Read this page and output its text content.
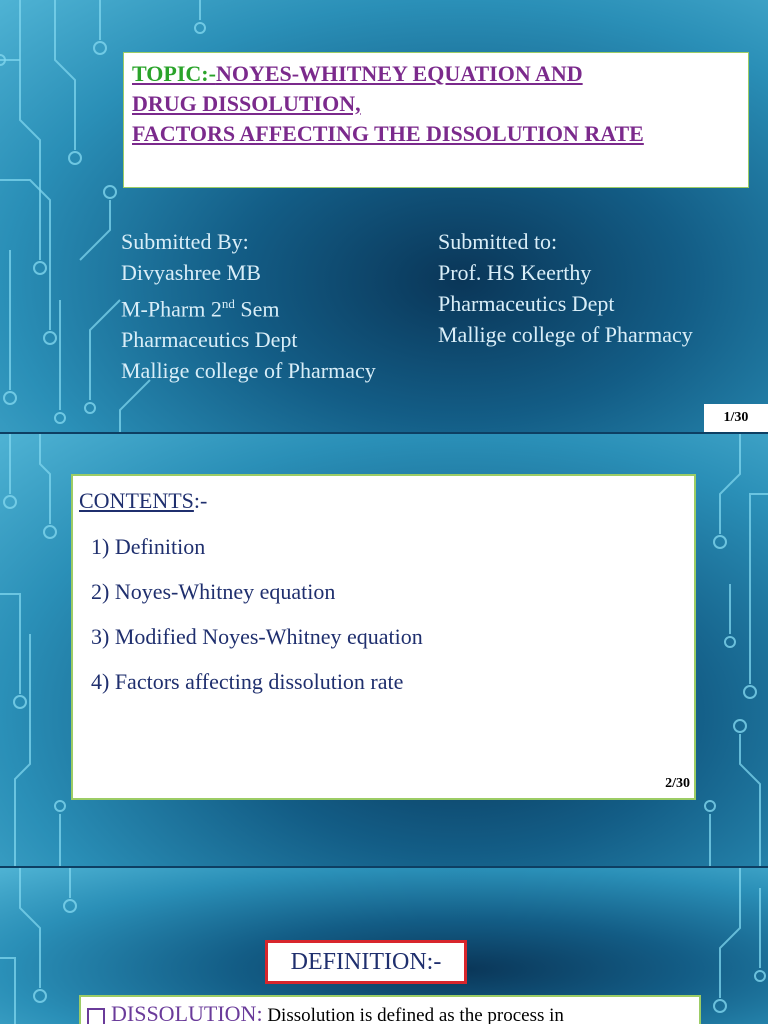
TOPIC:-NOYES-WHITNEY EQUATION AND
DRUG DISSOLUTION,
FACTORS AFFECTING THE DISSOLUTION RATE
Submitted By:
Divyashree MB
M-Pharm 2nd Sem
Pharmaceutics Dept
Mallige college of Pharmacy
Submitted to:
Prof. HS Keerthy
Pharmaceutics Dept
Mallige college of Pharmacy
1/30
CONTENTS:-
1) Definition
2) Noyes-Whitney equation
3) Modified Noyes-Whitney equation
4) Factors affecting dissolution rate
2/30
DEFINITION:-
DISSOLUTION: Dissolution is defined as the process in
